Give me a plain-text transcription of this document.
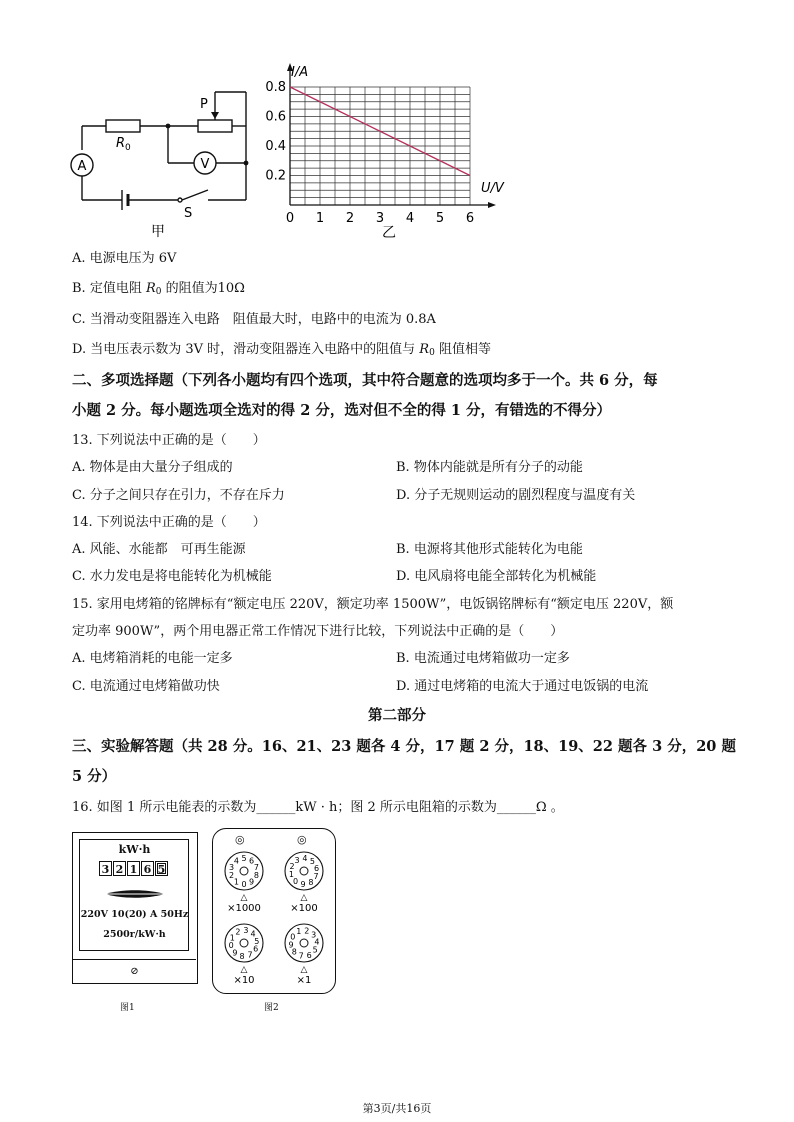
A	V
P
S
R 0
甲
0 1 2 3 4 5 6
0.2
0.4
0.6
0.8
I/A
U/V
乙
A. 电源电压为 6V
B. 定值电阻 $R_0$ 的阻值为10Ω
C. 当滑动变阻器连入电路　阻值最大时，电路中的电流为 0.8A
D. 当电压表示数为 3V 时，滑动变阻器连入电路中的阻值与 $R_0$ 阻值相等
二、多项选择题（下列各小题均有四个选项，其中符合题意的选项均多于一个。共 6 分，每
小题 2 分。每小题选项全选对的得 2 分，选对但不全的得 1 分，有错选的不得分）
13. 下列说法中正确的是（　　）
A. 物体是由大量分子组成的	B. 物体内能就是所有分子的动能
C. 分子之间只存在引力，不存在斥力	D. 分子无规则运动的剧烈程度与温度有关
14. 下列说法中正确的是（　　）
A. 风能、水能都　可再生能源	B. 电源将其他形式能转化为电能
C. 水力发电是将电能转化为机械能	D. 电风扇将电能全部转化为机械能
15. 家用电烤箱的铭牌标有“额定电压 220V，额定功率 1500W”，电饭锅铭牌标有“额定电压 220V，额
定功率 900W”，两个用电器正常工作情况下进行比较，下列说法中正确的是（　　）
A. 电烤箱消耗的电能一定多	B. 电流通过电烤箱做功一定多
C. 电流通过电烤箱做功快	D. 通过电烤箱的电流大于通过电饭锅的电流
第二部分
三、实验解答题（共 28 分。16、21、23 题各 4 分，17 题 2 分，18、19、22 题各 3 分，20 题
5 分）
16. 如图 1 所示电能表的示数为______kW · h；图 2 所示电阻箱的示数为______Ω 。
kW·h
3 2 1 6 5
220V 10(20) A 50Hz
2500r/kW·h
⊘
图1
◎	◎
0
1
2
3
4 5 6
7
8
9
△
×1000
0
1
2
3 4 5
6
7
8
9
△
×100
0
1
2 3 4
5
6
7
8
9
△
×10
0
1 2 3
4
5
6
7
8
9
△
×1
图2
第3页/共16页
